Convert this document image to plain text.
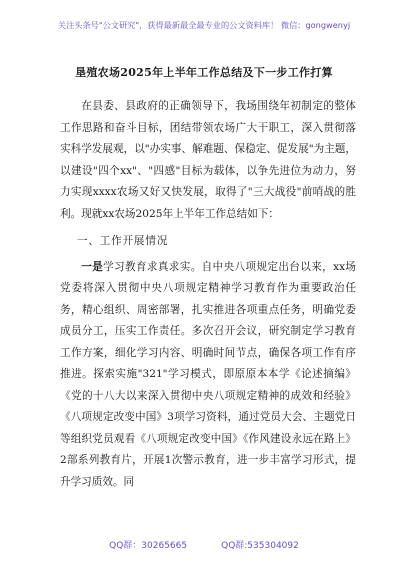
关注头条号"公文研究"，获得最新最全最专业的公文资料库！ 微信：gongwenyj
垦殖农场2025年上半年工作总结及下一步工作打算

在县委、县政府的正确领导下，我场围绕年初制定的整体工作思路和奋斗目标，团结带领农场广大干职工，深入贯彻落实科学发展观，以"办实事、解难题、保稳定、促发展"为主题，以建设"四个xx"、"四感"目标为载体，以争先进位为动力，努力实现xxxx农场又好又快发展，取得了"三大战役"前哨战的胜利。现就xx农场2025年上半年工作总结如下：

一、工作开展情况

一是学习教育求真求实。自中央八项规定出台以来，xx场党委将深入贯彻中央八项规定精神学习教育作为重要政治任务，精心组织、周密部署，扎实推进各项重点任务，明确党委成员分工，压实工作责任。多次召开会议，研究制定学习教育工作方案，细化学习内容、明确时间节点，确保各项工作有序推进。探索实施"321"学习模式，即原原本本学《论述摘编》《党的十八大以来深入贯彻中央八项规定精神的成效和经验》《八项规定改变中国》3项学习资料，通过党员大会、主题党日等组织党员观看《八项规定改变中国》《作风建设永远在路上》2部系列教育片，开展1次警示教育，进一步丰富学习形式，提升学习质效。同

QQ群：30265665	QQ群:535304092
